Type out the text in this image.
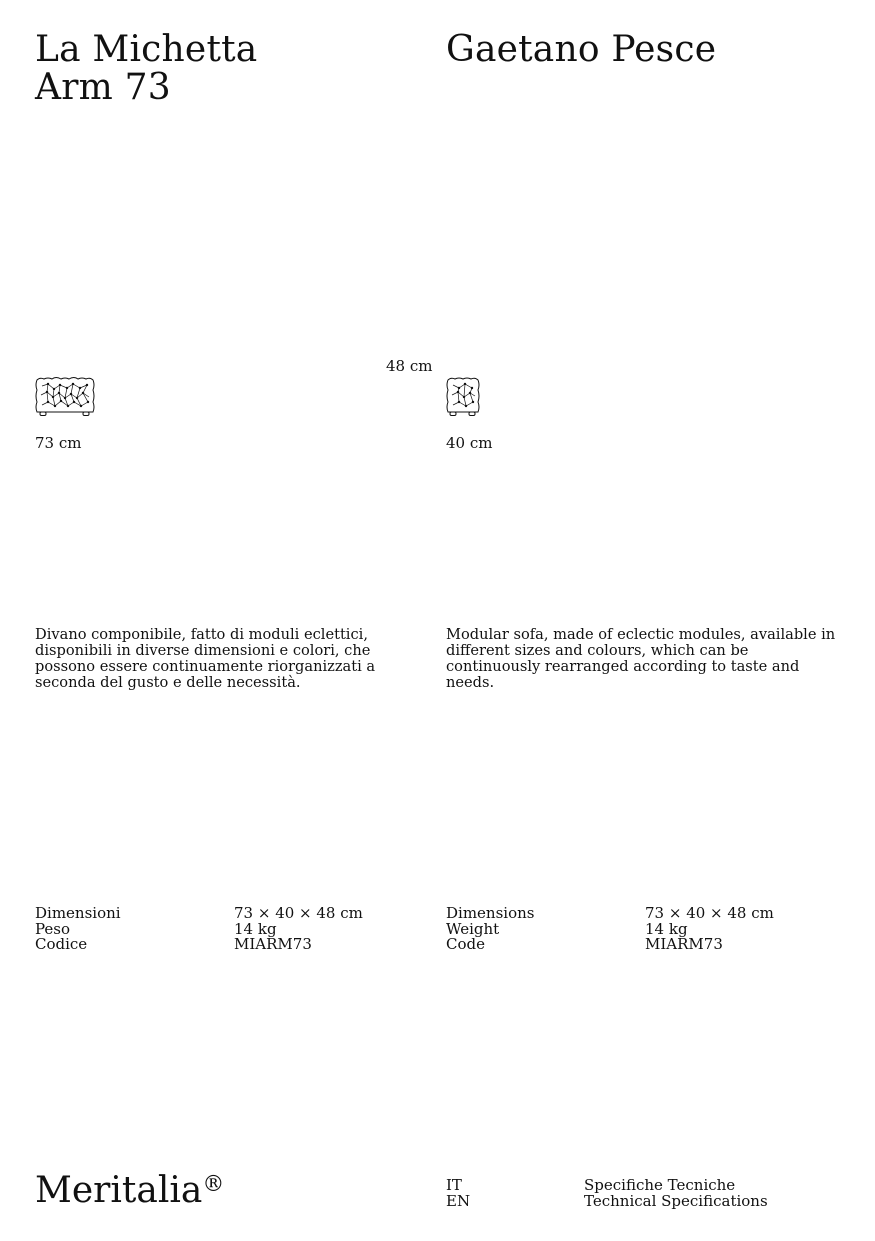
La Michetta
Arm 73
Gaetano Pesce
48 cm
73 cm	40 cm
Divano componibile, fatto di moduli eclettici, disponibili in diverse dimensioni e colori, che possono essere continuamente riorganizzati a seconda del gusto e delle necessità.
Modular sofa, made of eclectic modules, available in different sizes and colours, which can be continuously rearranged according to taste and needs.
Dimensioni	73 × 40 × 48 cm
Peso	14 kg
Codice	MIARM73
Dimensions	73 × 40 × 48 cm
Weight	14 kg
Code	MIARM73
Meritalia®	IT	Specifiche Tecniche
EN	Technical Specifications
